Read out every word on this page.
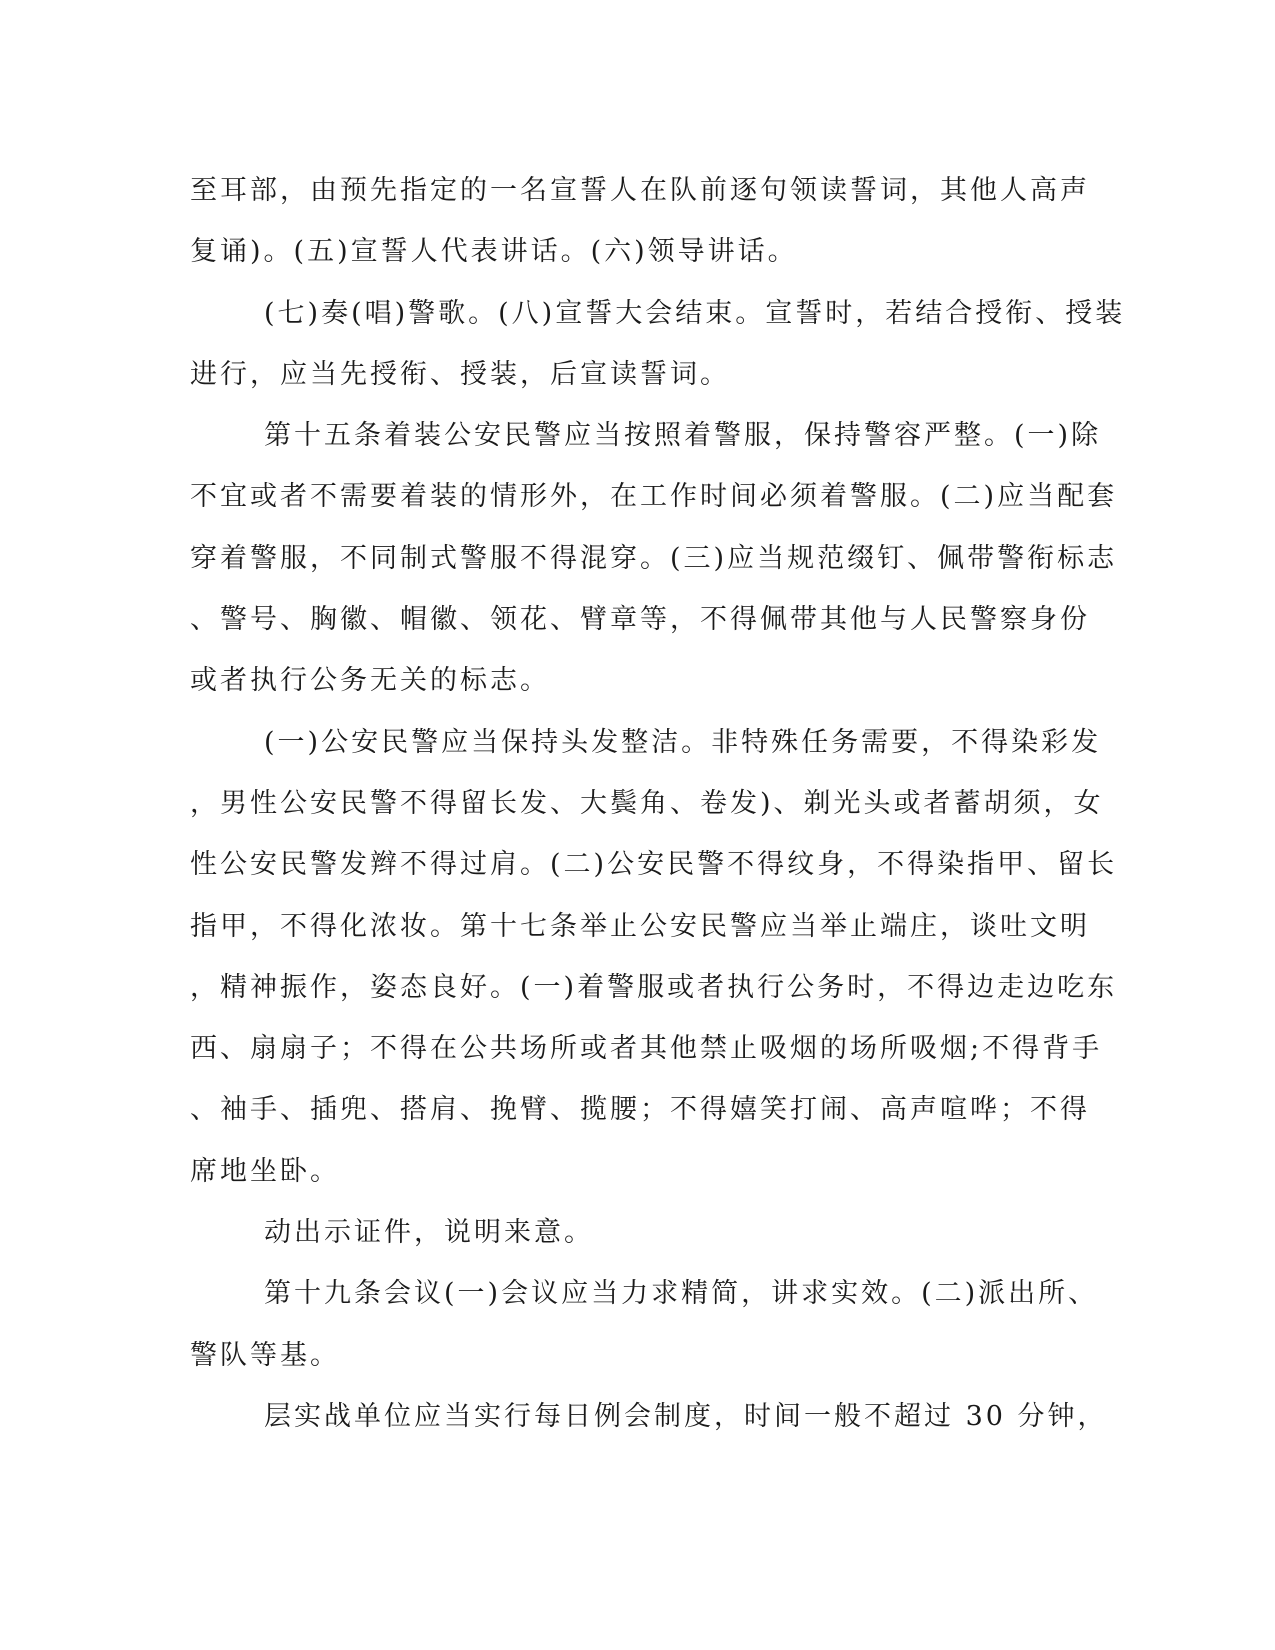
至耳部，由预先指定的一名宣誓人在队前逐句领读誓词，其他人高声
复诵)。(五)宣誓人代表讲话。(六)领导讲话。
(七)奏(唱)警歌。(八)宣誓大会结束。宣誓时，若结合授衔、授装
进行，应当先授衔、授装，后宣读誓词。
第十五条着装公安民警应当按照着警服，保持警容严整。(一)除
不宜或者不需要着装的情形外，在工作时间必须着警服。(二)应当配套
穿着警服，不同制式警服不得混穿。(三)应当规范缀钉、佩带警衔标志
、警号、胸徽、帽徽、领花、臂章等，不得佩带其他与人民警察身份
或者执行公务无关的标志。
(一)公安民警应当保持头发整洁。非特殊任务需要，不得染彩发
，男性公安民警不得留长发、大鬓角、卷发)、剃光头或者蓄胡须，女
性公安民警发辫不得过肩。(二)公安民警不得纹身，不得染指甲、留长
指甲，不得化浓妆。第十七条举止公安民警应当举止端庄，谈吐文明
，精神振作，姿态良好。(一)着警服或者执行公务时，不得边走边吃东
西、扇扇子；不得在公共场所或者其他禁止吸烟的场所吸烟;不得背手
、袖手、插兜、搭肩、挽臂、揽腰；不得嬉笑打闹、高声喧哗；不得
席地坐卧。
动出示证件，说明来意。
第十九条会议(一)会议应当力求精简，讲求实效。(二)派出所、
警队等基。
层实战单位应当实行每日例会制度，时间一般不超过 30 分钟，
